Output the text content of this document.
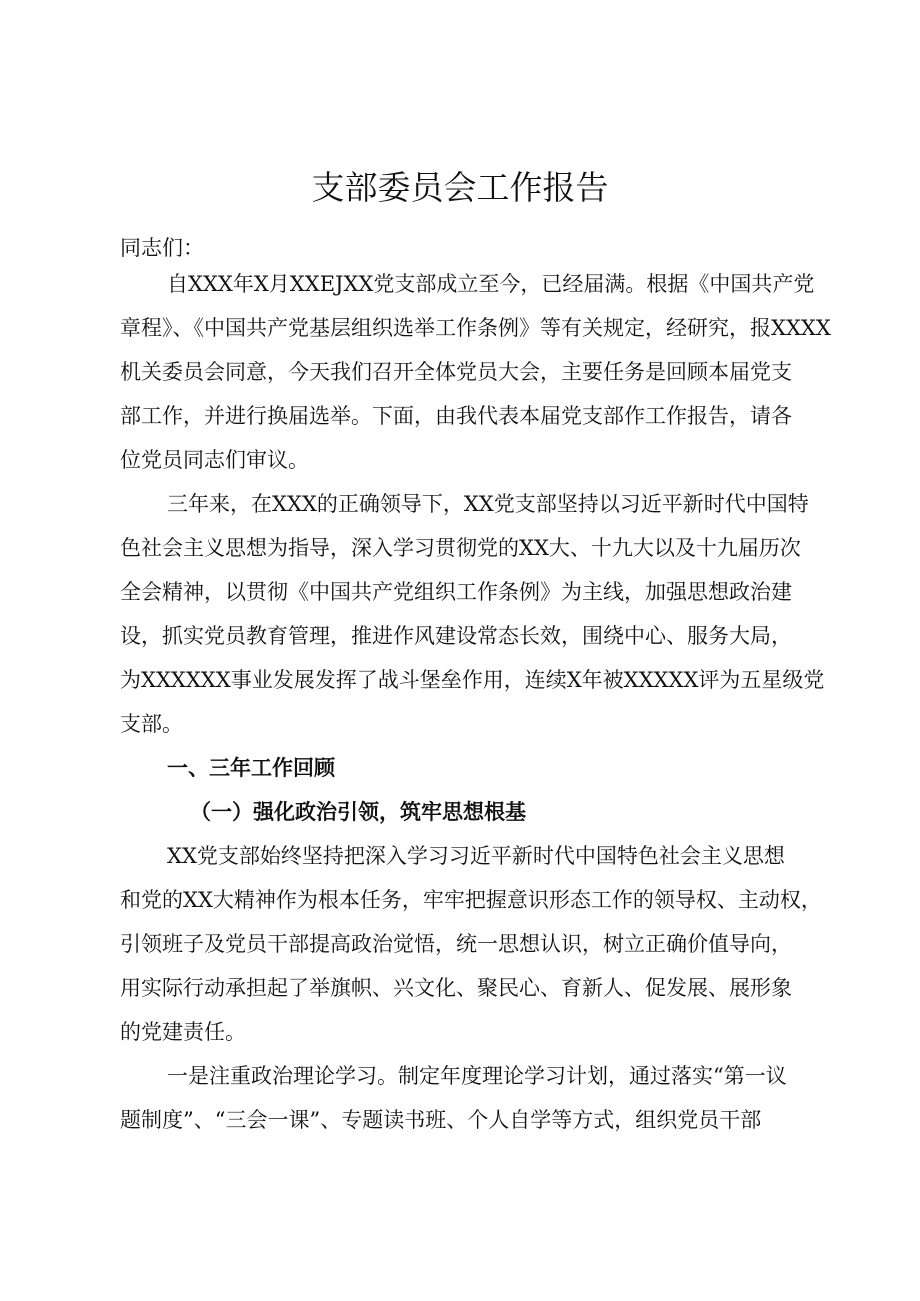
支部委员会工作报告
同志们：
自XXX年X月XXEJXX党支部成立至今，已经届满。根据《中国共产党
章程》、《中国共产党基层组织选举工作条例》等有关规定，经研究，报XXXX
机关委员会同意，今天我们召开全体党员大会，主要任务是回顾本届党支
部工作，并进行换届选举。下面，由我代表本届党支部作工作报告，请各
位党员同志们审议。
三年来，在XXX的正确领导下，XX党支部坚持以习近平新时代中国特
色社会主义思想为指导，深入学习贯彻党的XX大、十九大以及十九届历次
全会精神，以贯彻《中国共产党组织工作条例》为主线，加强思想政治建
设，抓实党员教育管理，推进作风建设常态长效，围绕中心、服务大局，
为XXXXXX事业发展发挥了战斗堡垒作用，连续X年被XXXXX评为五星级党
支部。
一、三年工作回顾
（一）强化政治引领，筑牢思想根基
XX党支部始终坚持把深入学习习近平新时代中国特色社会主义思想
和党的XX大精神作为根本任务，牢牢把握意识形态工作的领导权、主动权，
引领班子及党员干部提高政治觉悟，统一思想认识，树立正确价值导向，
用实际行动承担起了举旗帜、兴文化、聚民心、育新人、促发展、展形象
的党建责任。
一是注重政治理论学习。制定年度理论学习计划，通过落实“第一议
题制度”、“三会一课”、专题读书班、个人自学等方式，组织党员干部
